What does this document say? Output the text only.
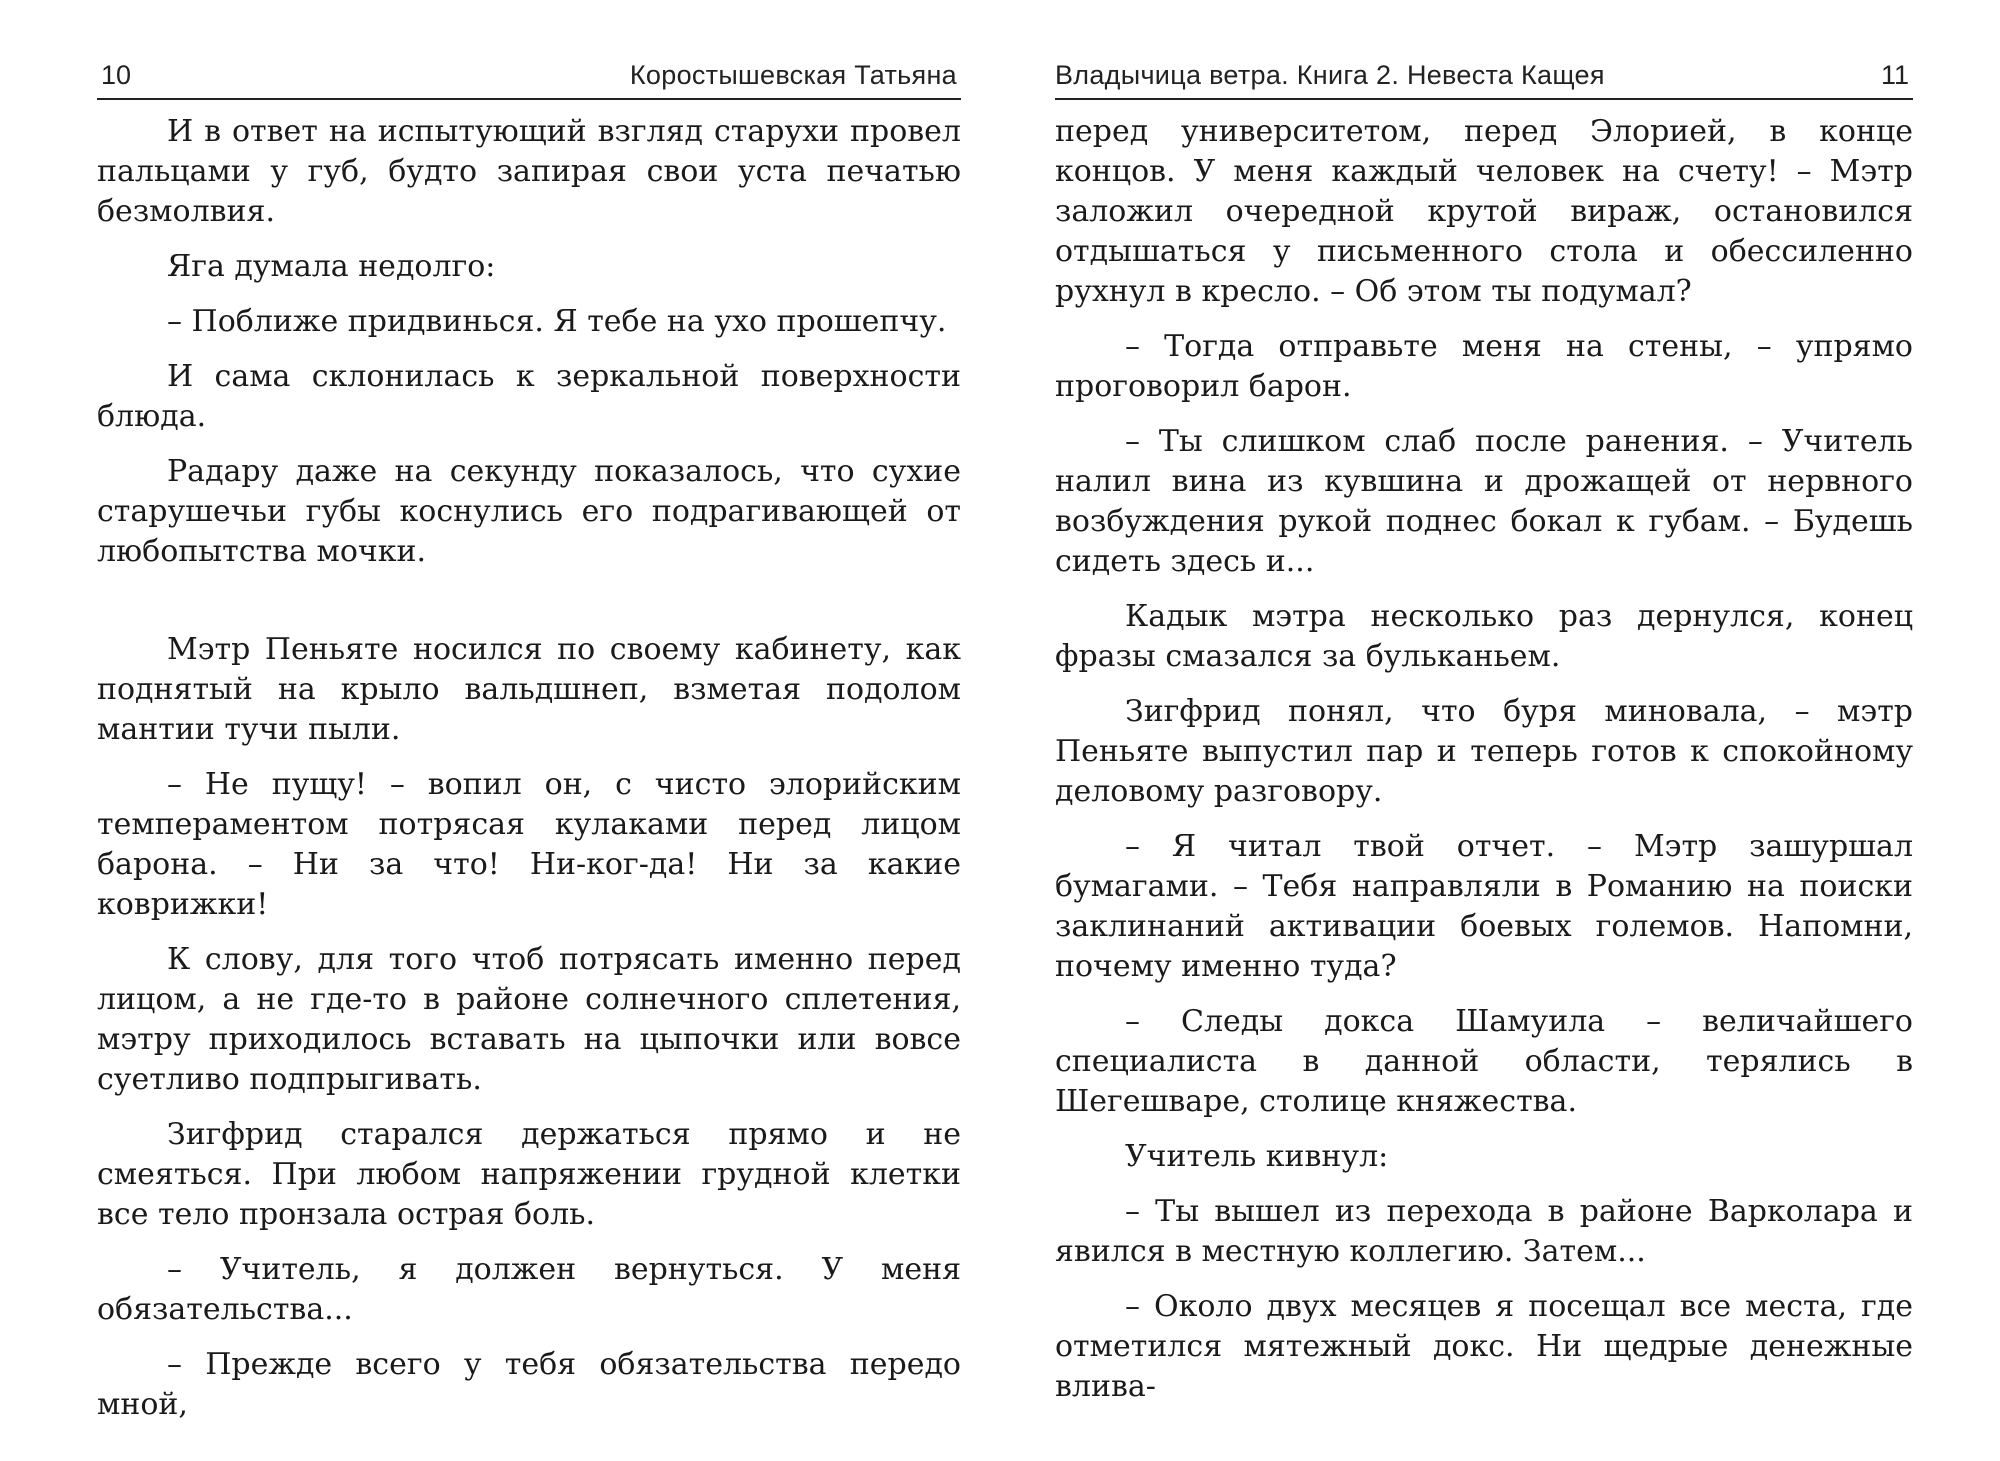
10	Коростышевская Татьяна

И в ответ на испытующий взгляд старухи провел пальцами у губ, будто запирая свои уста печатью безмолвия.

Яга думала недолго:

– Поближе придвинься. Я тебе на ухо прошепчу.

И сама склонилась к зеркальной поверхности блюда.

Радару даже на секунду показалось, что сухие старушечьи губы коснулись его подрагивающей от любопытства мочки.

Мэтр Пеньяте носился по своему кабинету, как поднятый на крыло вальдшнеп, взметая подолом мантии тучи пыли.

– Не пущу! – вопил он, с чисто элорийским темпераментом потрясая кулаками перед лицом барона. – Ни за что! Ни-ког-да! Ни за какие коврижки!

К слову, для того чтоб потрясать именно перед лицом, а не где-то в районе солнечного сплетения, мэтру приходилось вставать на цыпочки или вовсе суетливо подпрыгивать.

Зигфрид старался держаться прямо и не смеяться. При любом напряжении грудной клетки все тело пронзала острая боль.

– Учитель, я должен вернуться. У меня обязательства...

– Прежде всего у тебя обязательства передо мной,

Владычица ветра. Книга 2. Невеста Кащея	11

перед университетом, перед Элорией, в конце концов. У меня каждый человек на счету! – Мэтр заложил очередной крутой вираж, остановился отдышаться у письменного стола и обессиленно рухнул в кресло. – Об этом ты подумал?

– Тогда отправьте меня на стены, – упрямо проговорил барон.

– Ты слишком слаб после ранения. – Учитель налил вина из кувшина и дрожащей от нервного возбуждения рукой поднес бокал к губам. – Будешь сидеть здесь и...

Кадык мэтра несколько раз дернулся, конец фразы смазался за бульканьем.

Зигфрид понял, что буря миновала, – мэтр Пеньяте выпустил пар и теперь готов к спокойному деловому разговору.

– Я читал твой отчет. – Мэтр зашуршал бумагами. – Тебя направляли в Романию на поиски заклинаний активации боевых големов. Напомни, почему именно туда?

– Следы докса Шамуила – величайшего специалиста в данной области, терялись в Шегешваре, столице княжества.

Учитель кивнул:

– Ты вышел из перехода в районе Варколара и явился в местную коллегию. Затем...

– Около двух месяцев я посещал все места, где отметился мятежный докс. Ни щедрые денежные влива-
